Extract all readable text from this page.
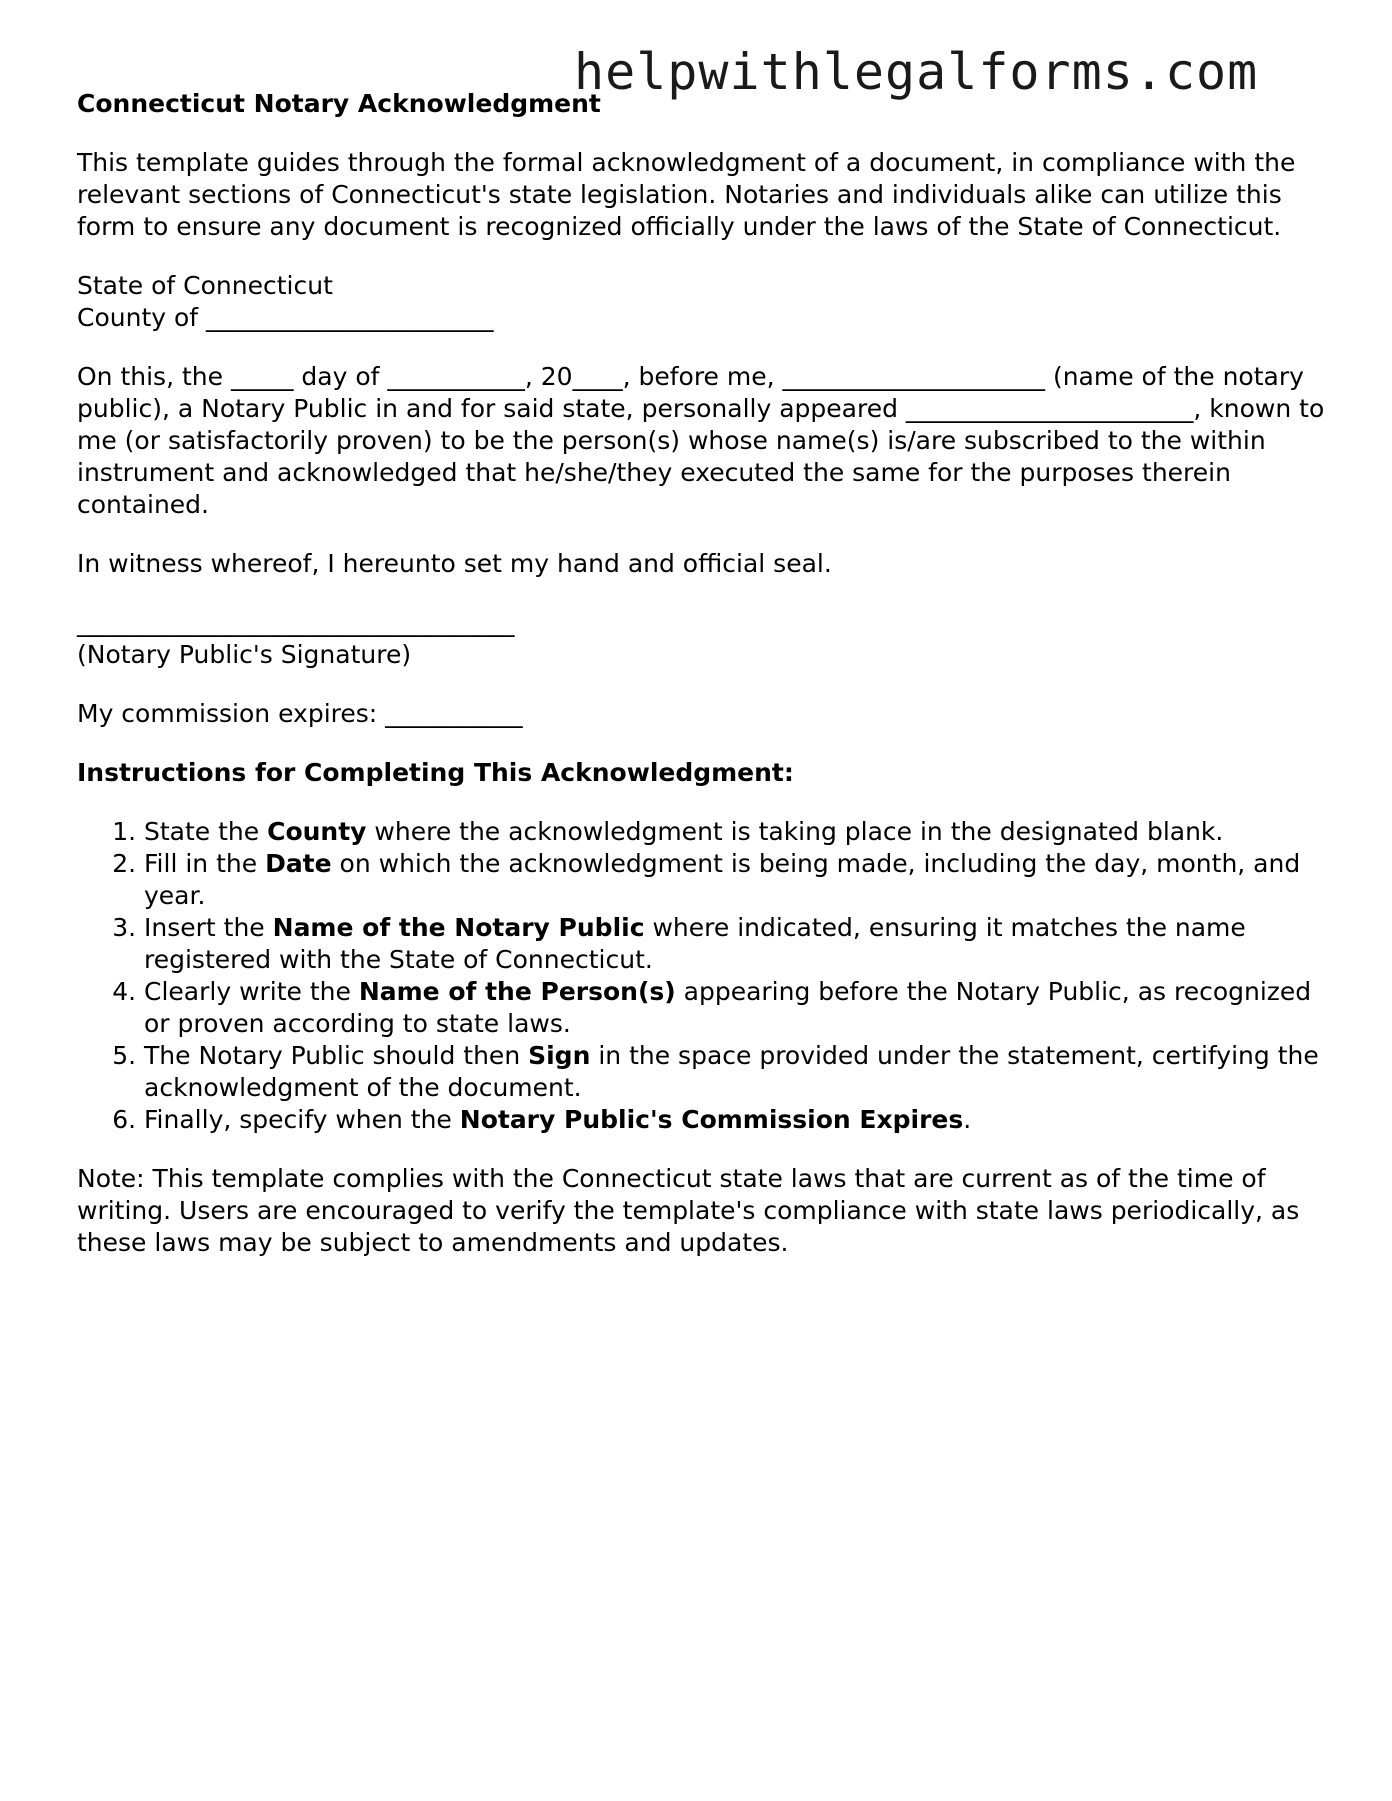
helpwithlegalforms.com
Connecticut Notary Acknowledgment

This template guides through the formal acknowledgment of a document, in compliance with the relevant sections of Connecticut's state legislation. Notaries and individuals alike can utilize this form to ensure any document is recognized officially under the laws of the State of Connecticut.

State of Connecticut
County of _______________________

On this, the _____ day of ___________, 20____, before me, _____________________ (name of the notary public), a Notary Public in and for said state, personally appeared _______________________, known to me (or satisfactorily proven) to be the person(s) whose name(s) is/are subscribed to the within instrument and acknowledged that he/she/they executed the same for the purposes therein contained.

In witness whereof, I hereunto set my hand and official seal.

___________________________________
(Notary Public's Signature)

My commission expires: ___________

Instructions for Completing This Acknowledgment:
1. State the County where the acknowledgment is taking place in the designated blank.
2. Fill in the Date on which the acknowledgment is being made, including the day, month, and year.
3. Insert the Name of the Notary Public where indicated, ensuring it matches the name registered with the State of Connecticut.
4. Clearly write the Name of the Person(s) appearing before the Notary Public, as recognized or proven according to state laws.
5. The Notary Public should then Sign in the space provided under the statement, certifying the acknowledgment of the document.
6. Finally, specify when the Notary Public's Commission Expires.

Note: This template complies with the Connecticut state laws that are current as of the time of writing. Users are encouraged to verify the template's compliance with state laws periodically, as these laws may be subject to amendments and updates.
